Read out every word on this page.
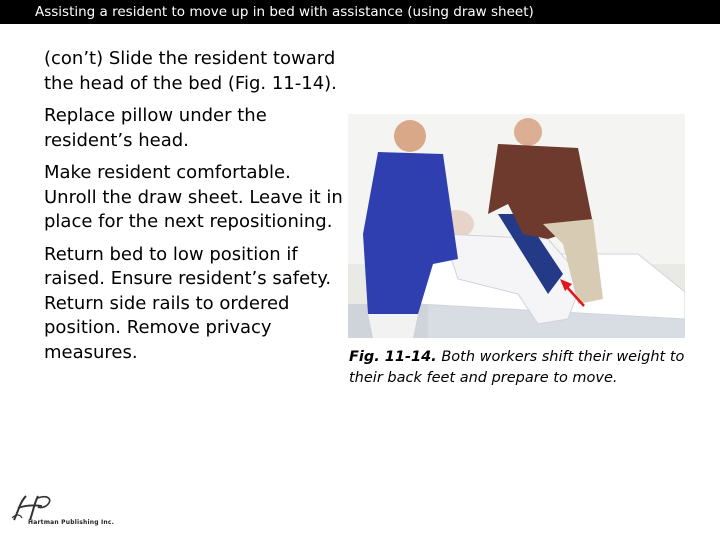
Assisting a resident to move up in bed with assistance (using draw sheet)

(con’t) Slide the resident toward the head of the bed (Fig. 11-14).

Replace pillow under the resident’s head.

Make resident comfortable. Unroll the draw sheet. Leave it in place for the next repositioning.

Return bed to low position if raised. Ensure resident’s safety. Return side rails to ordered position. Remove privacy measures.	Fig. 11-14. Both workers shift their weight to their back feet and prepare to move.
Hartman Publishing Inc.
